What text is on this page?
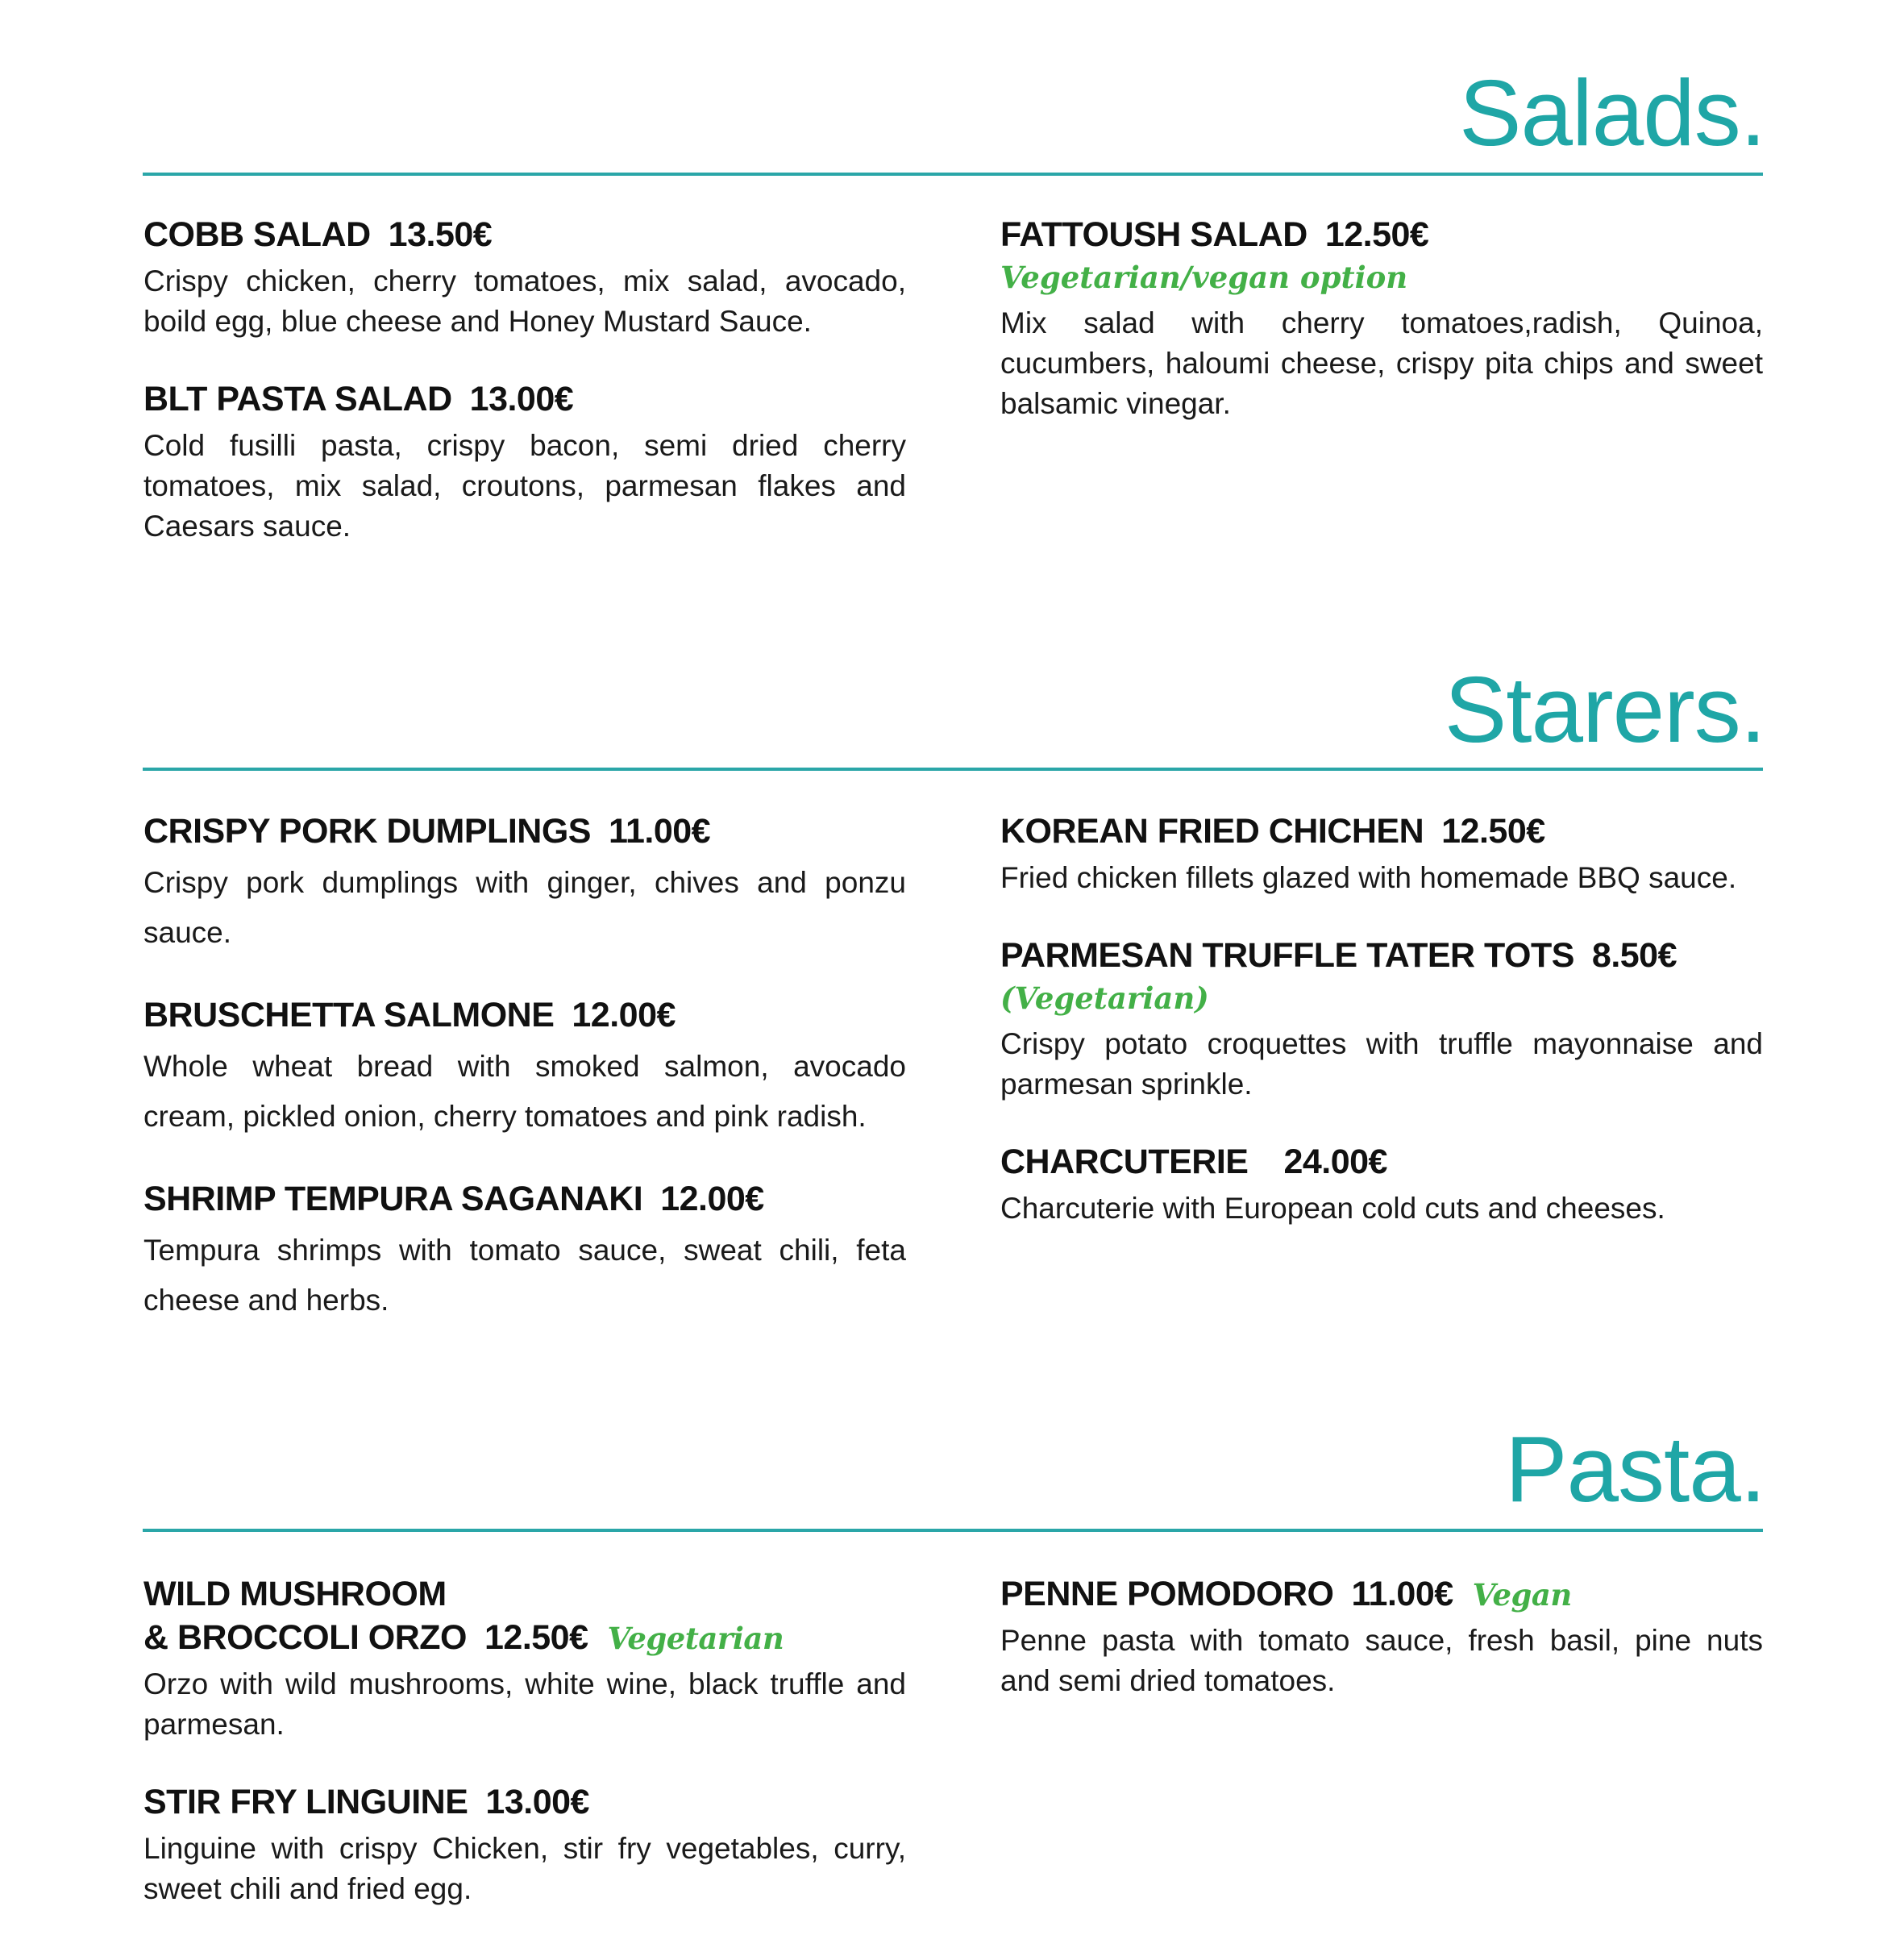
Salads.
COBB SALAD 13.50€
Crispy chicken, cherry tomatoes, mix salad, avocado, boild egg, blue cheese and Honey Mustard Sauce.
BLT PASTA SALAD 13.00€
Cold fusilli pasta, crispy bacon, semi dried cherry tomatoes, mix salad, croutons, parmesan flakes and Caesars sauce.
FATTOUSH SALAD 12.50€
Vegetarian/vegan option
Mix salad with cherry tomatoes,radish, Quinoa, cucumbers, haloumi cheese, crispy pita chips and sweet balsamic vinegar.
Starers.
CRISPY PORK DUMPLINGS 11.00€
Crispy pork dumplings with ginger, chives and ponzu sauce.
BRUSCHETTA SALMONE 12.00€
Whole wheat bread with smoked salmon, avocado cream, pickled onion, cherry tomatoes and pink radish.
SHRIMP TEMPURA SAGANAKI 12.00€
Tempura shrimps with tomato sauce, sweat chili, feta cheese and herbs.
KOREAN FRIED CHICHEN 12.50€
Fried chicken fillets glazed with homemade BBQ sauce.
PARMESAN TRUFFLE TATER TOTS 8.50€
(Vegetarian)
Crispy potato croquettes with truffle mayonnaise and parmesan sprinkle.
CHARCUTERIE 24.00€
Charcuterie with European cold cuts and cheeses.
Pasta.
WILD MUSHROOM
& BROCCOLI ORZO 12.50€ Vegetarian
Orzo with wild mushrooms, white wine, black truffle and parmesan.
STIR FRY LINGUINE 13.00€
Linguine with crispy Chicken, stir fry vegetables, curry, sweet chili and fried egg.
PENNE POMODORO 11.00€ Vegan
Penne pasta with tomato sauce, fresh basil, pine nuts and semi dried tomatoes.
